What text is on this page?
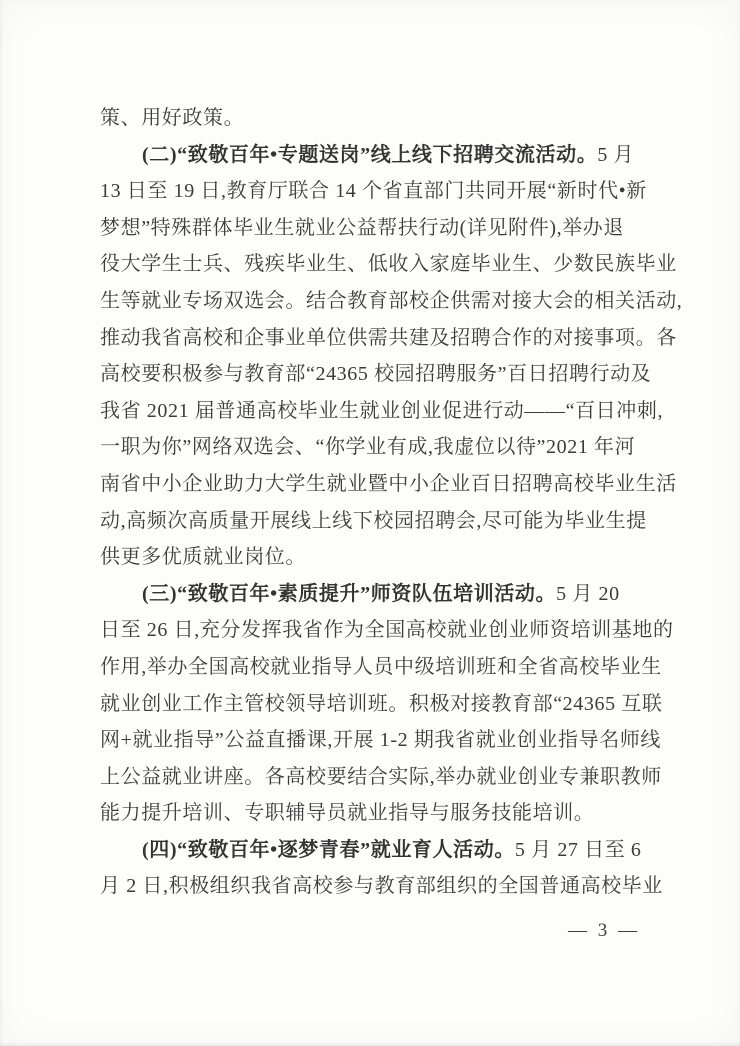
策、用好政策。
(二)“致敬百年•专题送岗”线上线下招聘交流活动。5 月
13 日至 19 日,教育厅联合 14 个省直部门共同开展“新时代•新
梦想”特殊群体毕业生就业公益帮扶行动(详见附件),举办退
役大学生士兵、残疾毕业生、低收入家庭毕业生、少数民族毕业
生等就业专场双选会。结合教育部校企供需对接大会的相关活动,
推动我省高校和企事业单位供需共建及招聘合作的对接事项。各
高校要积极参与教育部“24365 校园招聘服务”百日招聘行动及
我省 2021 届普通高校毕业生就业创业促进行动——“百日冲刺,
一职为你”网络双选会、“你学业有成,我虚位以待”2021 年河
南省中小企业助力大学生就业暨中小企业百日招聘高校毕业生活
动,高频次高质量开展线上线下校园招聘会,尽可能为毕业生提
供更多优质就业岗位。
(三)“致敬百年•素质提升”师资队伍培训活动。5 月 20
日至 26 日,充分发挥我省作为全国高校就业创业师资培训基地的
作用,举办全国高校就业指导人员中级培训班和全省高校毕业生
就业创业工作主管校领导培训班。积极对接教育部“24365 互联
网+就业指导”公益直播课,开展 1-2 期我省就业创业指导名师线
上公益就业讲座。各高校要结合实际,举办就业创业专兼职教师
能力提升培训、专职辅导员就业指导与服务技能培训。
(四)“致敬百年•逐梦青春”就业育人活动。5 月 27 日至 6
月 2 日,积极组织我省高校参与教育部组织的全国普通高校毕业
— 3 —
